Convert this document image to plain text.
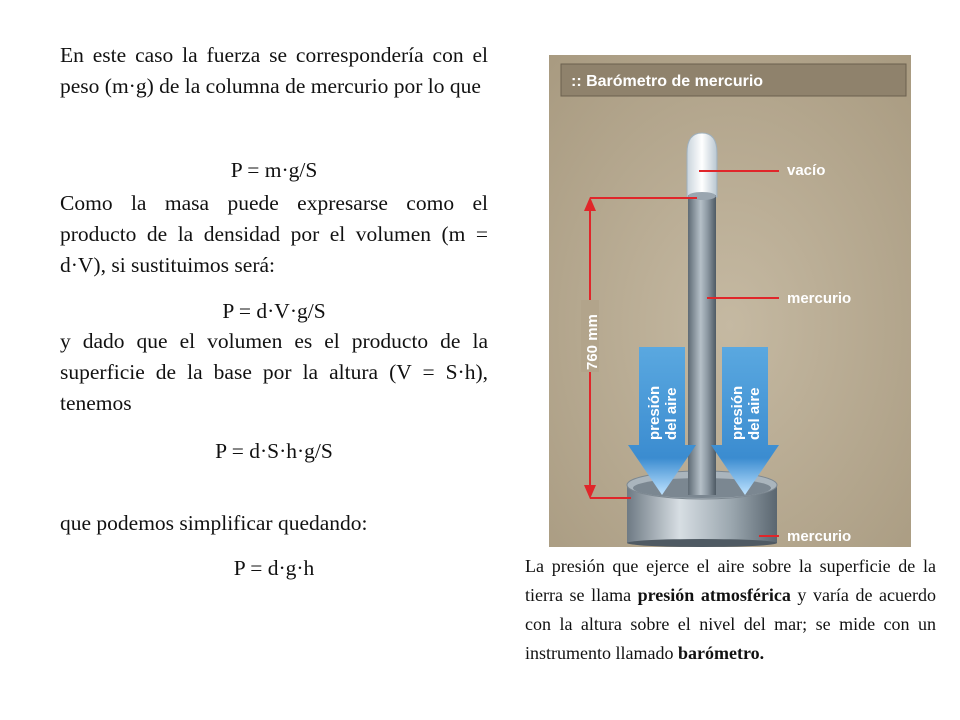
En este caso la fuerza se correspondería con el peso (m·g) de la columna de mercurio por lo que

P = m·g/S

Como la masa puede expresarse como el producto de la densidad por el volumen (m = d·V), si sustituimos será:

P = d·V·g/S

y dado que el volumen es el producto de la superficie de la base por la altura (V = S·h), tenemos

P = d·S·h·g/S

que podemos simplificar quedando:

P = d·g·h

:: Barómetro de mercurio
presión del aire	presión del aire
760 mm
vacío
mercurio
mercurio

La presión que ejerce el aire sobre la superficie de la tierra se llama presión atmosférica y varía de acuerdo con la altura sobre el nivel del mar; se mide con un instrumento llamado barómetro.
